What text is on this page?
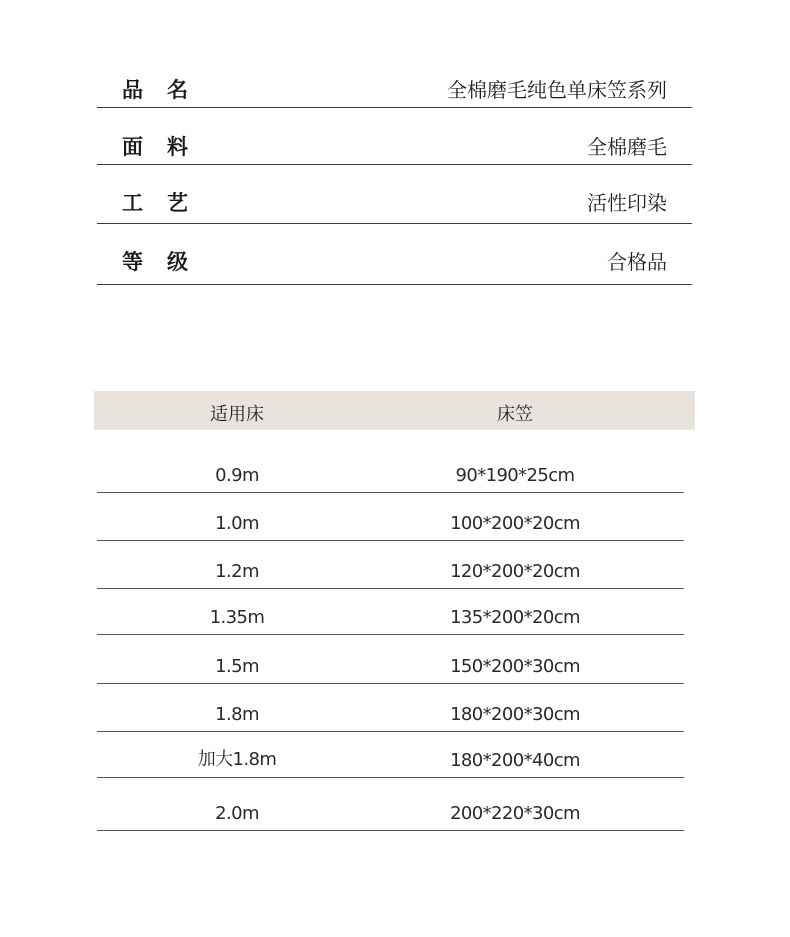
品名	全棉磨毛纯色单床笠系列
面料	全棉磨毛
工艺	活性印染
等级	合格品
适用床	床笠
0.9m	90*190*25cm
1.0m	100*200*20cm
1.2m	120*200*20cm
1.35m	135*200*20cm
1.5m	150*200*30cm
1.8m	180*200*30cm
加大1.8m	180*200*40cm
2.0m	200*220*30cm
